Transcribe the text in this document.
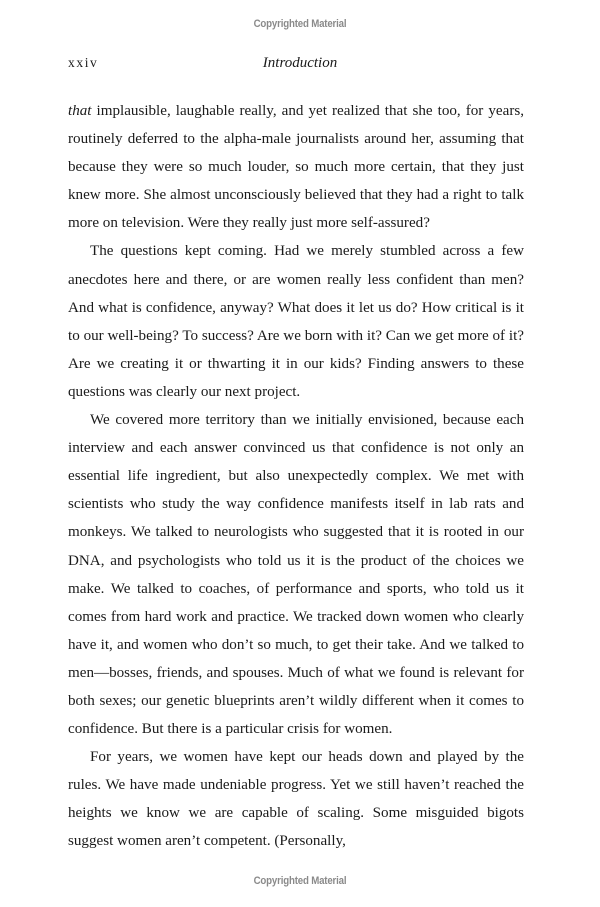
Copyrighted Material
xxiv	Introduction

that implausible, laughable really, and yet realized that she too, for years, routinely deferred to the alpha-male journalists around her, assuming that because they were so much louder, so much more certain, that they just knew more. She almost unconsciously believed that they had a right to talk more on television. Were they really just more self-assured?

The questions kept coming. Had we merely stumbled across a few anecdotes here and there, or are women really less confident than men? And what is confidence, anyway? What does it let us do? How critical is it to our well-being? To success? Are we born with it? Can we get more of it? Are we creating it or thwarting it in our kids? Finding answers to these questions was clearly our next project.

We covered more territory than we initially envisioned, because each interview and each answer convinced us that confidence is not only an essential life ingredient, but also unexpectedly complex. We met with scientists who study the way confidence manifests itself in lab rats and monkeys. We talked to neurologists who suggested that it is rooted in our DNA, and psychologists who told us it is the product of the choices we make. We talked to coaches, of performance and sports, who told us it comes from hard work and practice. We tracked down women who clearly have it, and women who don’t so much, to get their take. And we talked to men—bosses, friends, and spouses. Much of what we found is relevant for both sexes; our genetic blueprints aren’t wildly different when it comes to confidence. But there is a particular crisis for women.

For years, we women have kept our heads down and played by the rules. We have made undeniable progress. Yet we still haven’t reached the heights we know we are capable of scaling. Some misguided bigots suggest women aren’t competent. (Personally,

Copyrighted Material
